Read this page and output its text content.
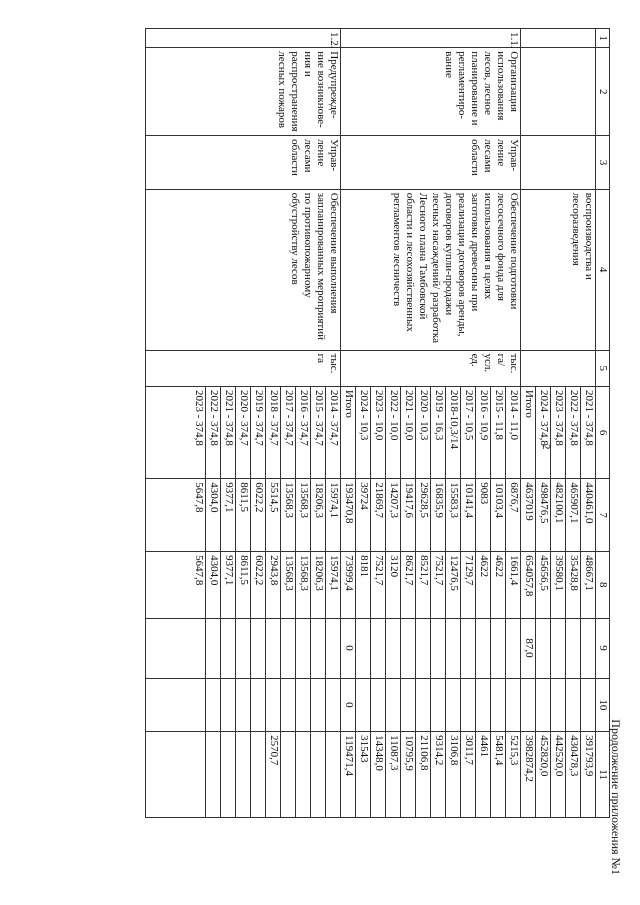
2
Продолжение приложения №1
1	2	3	4	5	6	7	8	9	10	11
			воспроизводства и лесоразведения		2021 - 374,8	440461,0	48667,1			391793,9
					2022 - 374,8	465907,1	35428,8			430478,3
					2023 - 374,8	482100,1	39580,1			442520,0
					2024 - 374,8	498476,5	45656,5			452820,0
					Итого	4637019	654057,8	87,0		3982874,2
1.1.	Организация использования лесов, лесное планирование и регламентиро-вание	Управ-ление лесами области	Обеспечение подготовки лесосечного фонда для использования в целях заготовки древесины при реализации договоров аренды, договоров купли-продажи лесных насаждений/ разработка Лесного плана Тамбовской области и лесохозяйственных регламентов лесничеств	тыс. га/ усл. ед.	2014 - 11,0	6876,7	1661,4			5215,3
					2015 - 11,8	10103,4	4622			5481,4
					2016 - 10,9	9083	4622			4461
					2017 - 10,5	10141,4	7129,7			3011,7
					2018-10,3/14	15583,3	12476,5			3106,8
					2019 - 16,3	16835,9	7521,7			9314,2
					2020 - 10,3	29628,5	8521,7			21106,8
					2021 - 10,0	19417,6	8621,7			10795,9
					2022 - 10,0	14207,3	3120			11087,3
					2023 - 10,0	21869,7	7521,7			14348,0
					2024 - 10,3	39724	8181			31543
					Итого	193470,8	73999,4	0	0	119471,4
1.2.	Предупрежде-ние возникнове-ния и распространения лесных пожаров	Управ-ление лесами области	Обеспечение выполнения запланированных мероприятий по противопожарному обустройству лесов	тыс. га	2014 - 374,7	15974,1	15974,1			
					2015 - 374,7	18206,3	18206,3			
					2016 - 374,7	13568,3	13568,3			
					2017 - 374,7	13568,3	13568,3			
					2018 - 374,7	5514,5	2943,8			2570,7
					2019 - 374,7	6022,2	6022,2			
					2020 - 374,7	8611,5	8611,5			
					2021 - 374,8	9377,1	9377,1			
					2022 - 374,8	4304,0	4304,0			
					2023 - 374,8	5647,8	5647,8			
